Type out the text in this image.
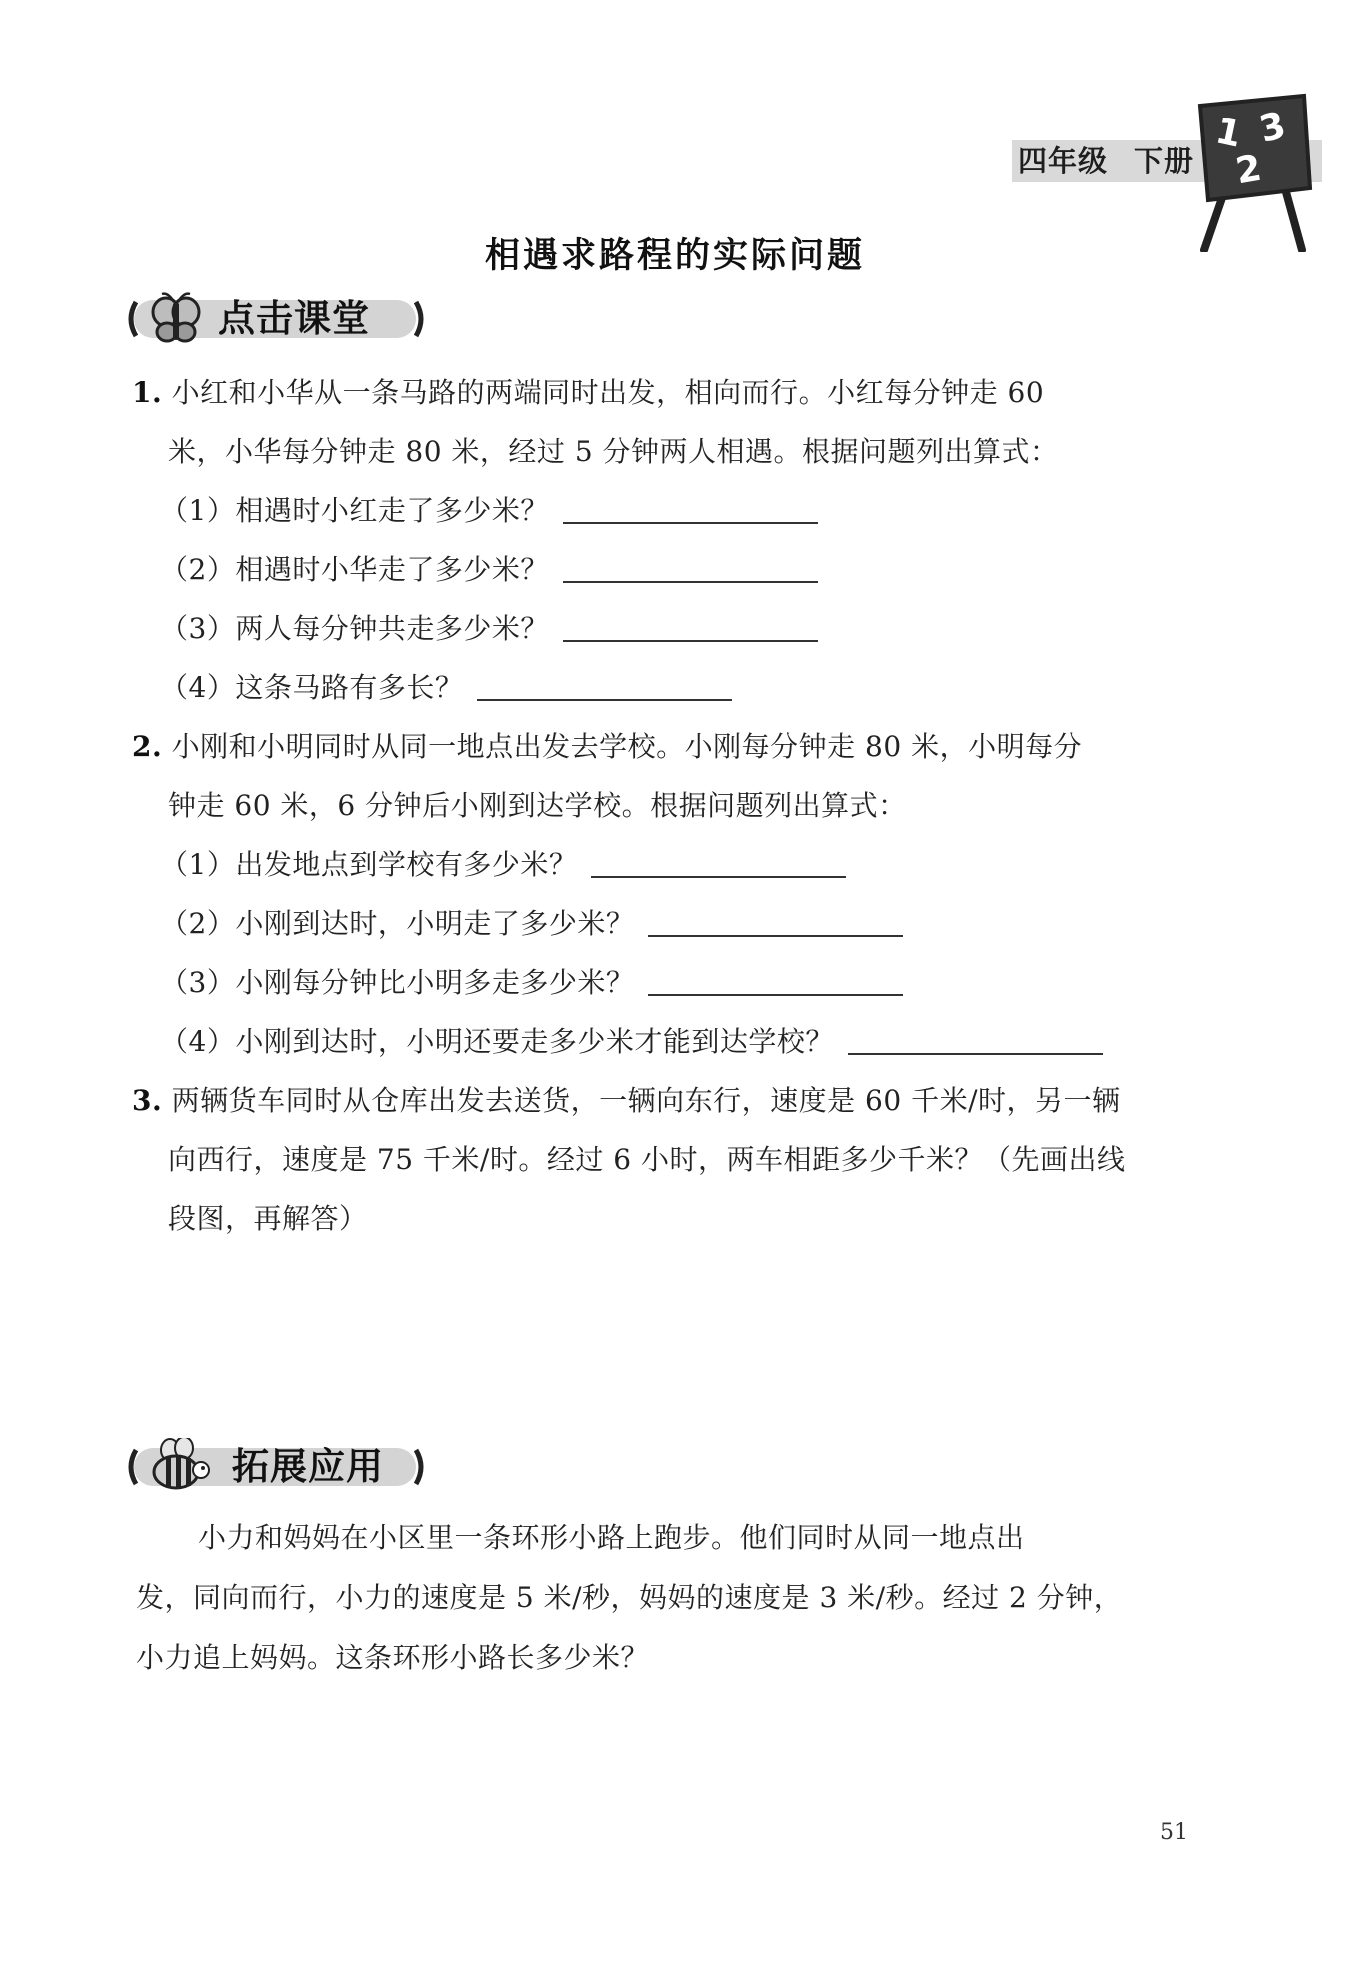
四年级 下册
1 3
2
相遇求路程的实际问题
点击课堂
1. 小红和小华从一条马路的两端同时出发，相向而行。小红每分钟走 60
米，小华每分钟走 80 米，经过 5 分钟两人相遇。根据问题列出算式：
（1）相遇时小红走了多少米？
（2）相遇时小华走了多少米？
（3）两人每分钟共走多少米？
（4）这条马路有多长？
2. 小刚和小明同时从同一地点出发去学校。小刚每分钟走 80 米，小明每分
钟走 60 米，6 分钟后小刚到达学校。根据问题列出算式：
（1）出发地点到学校有多少米？
（2）小刚到达时，小明走了多少米？
（3）小刚每分钟比小明多走多少米？
（4）小刚到达时，小明还要走多少米才能到达学校？
3. 两辆货车同时从仓库出发去送货，一辆向东行，速度是 60 千米/时，另一辆
向西行，速度是 75 千米/时。经过 6 小时，两车相距多少千米？（先画出线
段图，再解答）
拓展应用
小力和妈妈在小区里一条环形小路上跑步。他们同时从同一地点出
发，同向而行，小力的速度是 5 米/秒，妈妈的速度是 3 米/秒。经过 2 分钟，
小力追上妈妈。这条环形小路长多少米？
51
